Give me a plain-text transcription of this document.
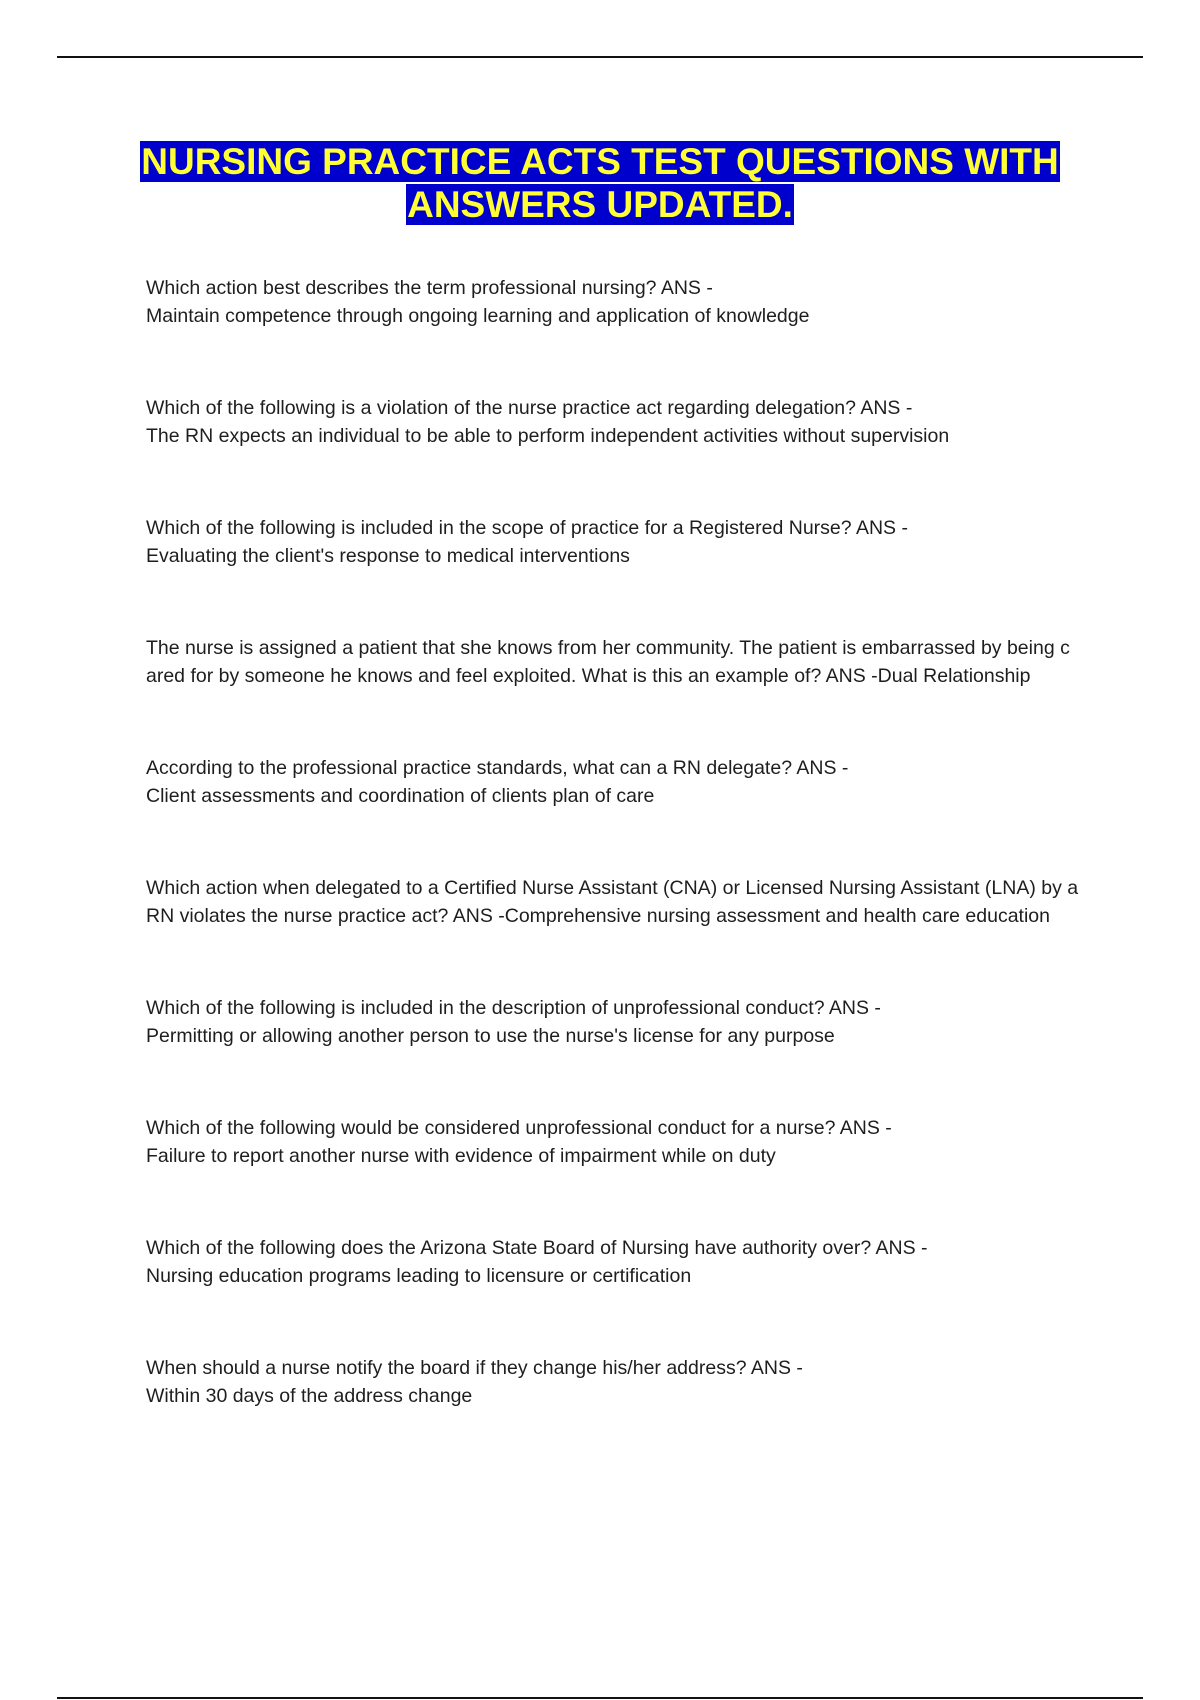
NURSING PRACTICE ACTS TEST QUESTIONS WITH
ANSWERS UPDATED.
Which action best describes the term professional nursing? ANS -
Maintain competence through ongoing learning and application of knowledge
Which of the following is a violation of the nurse practice act regarding delegation? ANS -
The RN expects an individual to be able to perform independent activities without supervision
Which of the following is included in the scope of practice for a Registered Nurse? ANS -
Evaluating the client's response to medical interventions
The nurse is assigned a patient that she knows from her community. The patient is embarrassed by being c
ared for by someone he knows and feel exploited. What is this an example of? ANS -Dual Relationship
According to the professional practice standards, what can a RN delegate? ANS -
Client assessments and coordination of clients plan of care
Which action when delegated to a Certified Nurse Assistant (CNA) or Licensed Nursing Assistant (LNA) by a
RN violates the nurse practice act? ANS -Comprehensive nursing assessment and health care education
Which of the following is included in the description of unprofessional conduct? ANS -
Permitting or allowing another person to use the nurse's license for any purpose
Which of the following would be considered unprofessional conduct for a nurse? ANS -
Failure to report another nurse with evidence of impairment while on duty
Which of the following does the Arizona State Board of Nursing have authority over? ANS -
Nursing education programs leading to licensure or certification
When should a nurse notify the board if they change his/her address? ANS -
Within 30 days of the address change
